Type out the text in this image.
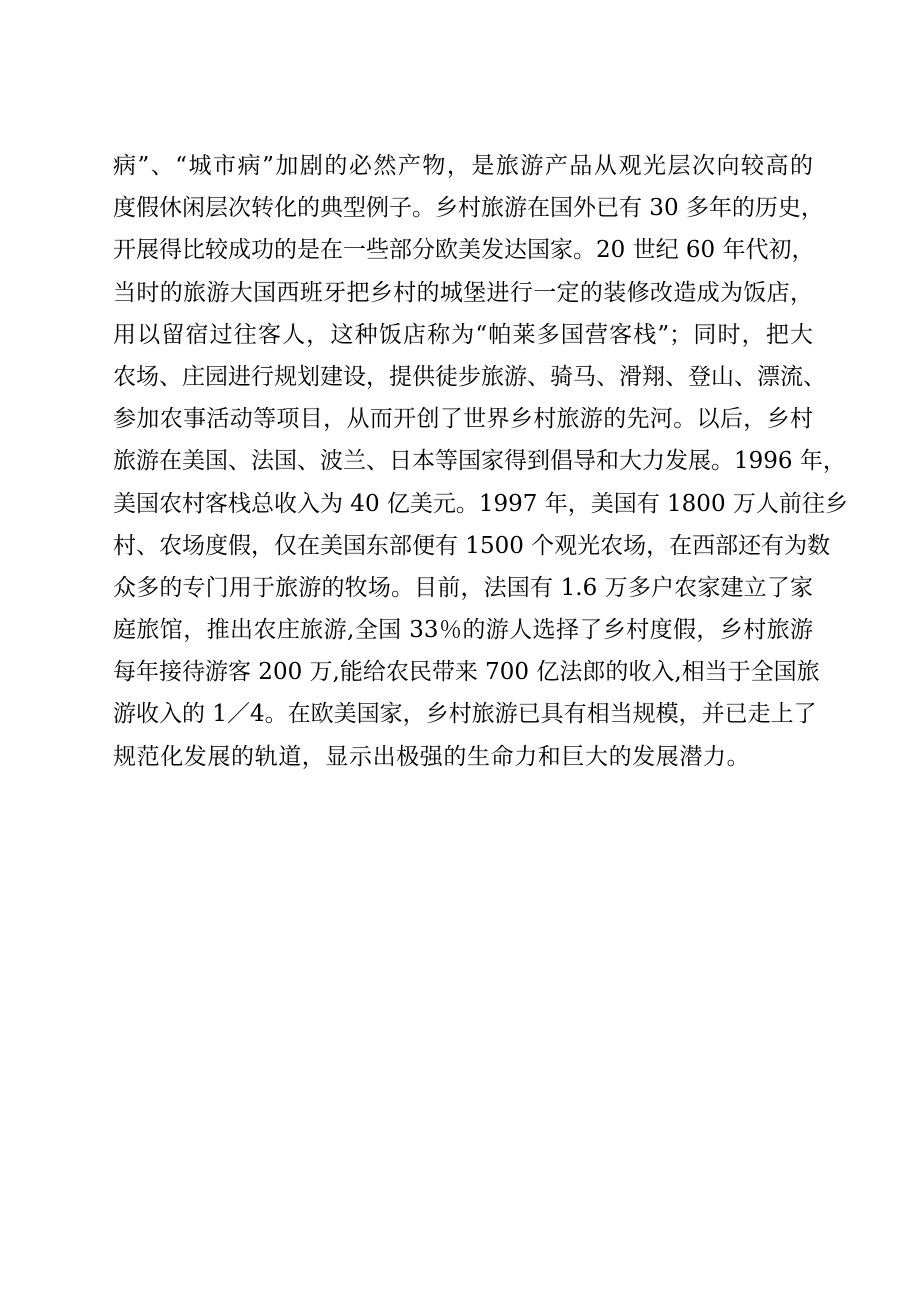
病”、“城市病”加剧的必然产物，是旅游产品从观光层次向较高的
度假休闲层次转化的典型例子。乡村旅游在国外已有 30 多年的历史，
开展得比较成功的是在一些部分欧美发达国家。20 世纪 60 年代初，
当时的旅游大国西班牙把乡村的城堡进行一定的装修改造成为饭店，
用以留宿过往客人，这种饭店称为“帕莱多国营客栈”；同时，把大
农场、庄园进行规划建设，提供徒步旅游、骑马、滑翔、登山、漂流、
参加农事活动等项目，从而开创了世界乡村旅游的先河。以后，乡村
旅游在美国、法国、波兰、日本等国家得到倡导和大力发展。1996 年，
美国农村客栈总收入为 40 亿美元。1997 年，美国有 1800 万人前往乡
村、农场度假，仅在美国东部便有 1500 个观光农场，在西部还有为数
众多的专门用于旅游的牧场。目前，法国有 1.6 万多户农家建立了家
庭旅馆，推出农庄旅游,全国 33％的游人选择了乡村度假，乡村旅游
每年接待游客 200 万,能给农民带来 700 亿法郎的收入,相当于全国旅
游收入的 1／4。在欧美国家，乡村旅游已具有相当规模，并已走上了
规范化发展的轨道，显示出极强的生命力和巨大的发展潜力。
